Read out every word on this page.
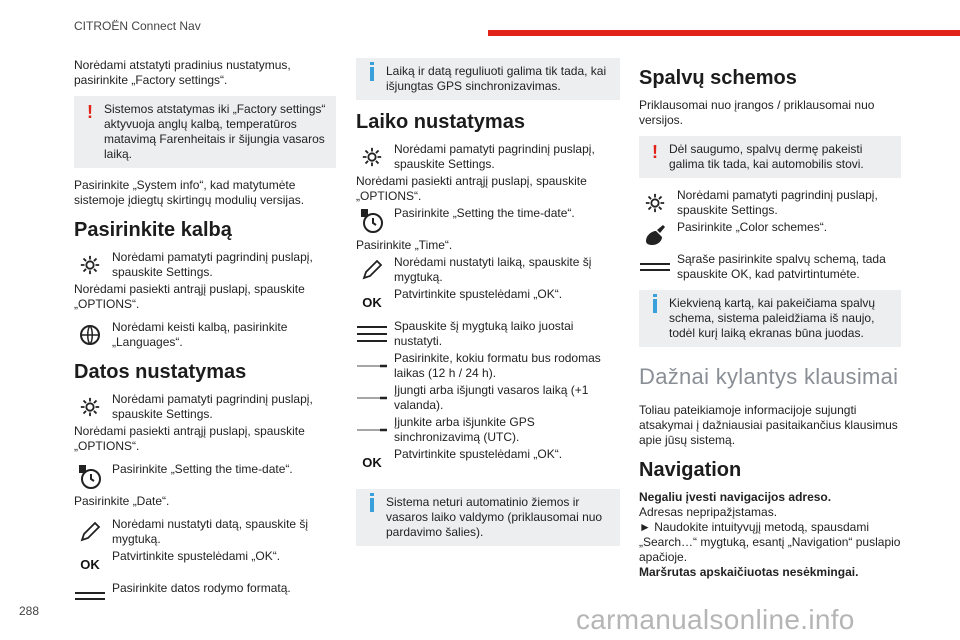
CITROËN Connect Nav

Norėdami atstatyti pradinius nustatymus, pasirinkite „Factory settings“.

! Sistemos atstatymas iki „Factory settings“ aktyvuoja anglų kalbą, temperatūros matavimą Farenheitais ir šijungia vasaros laiką.

Pasirinkite „System info“, kad matytumėte sistemoje įdiegtų skirtingų modulių versijas.

Pasirinkite kalbą
Norėdami pamatyti pagrindinį puslapį, spauskite Settings.

Norėdami pasiekti antrąjį puslapį, spauskite „OPTIONS“.

Norėdami keisti kalbą, pasirinkite „Languages“.
Datos nustatymas
Norėdami pamatyti pagrindinį puslapį, spauskite Settings.

Norėdami pasiekti antrąjį puslapį, spauskite „OPTIONS“.

Pasirinkite „Setting the time-date“.

Pasirinkite „Date“.

Norėdami nustatyti datą, spauskite šį mygtuką.
OK
Patvirtinkite spustelėdami „OK“.
Pasirinkite datos rodymo formatą.
Laiką ir datą reguliuoti galima tik tada, kai išjungtas GPS sinchronizavimas.
Laiko nustatymas
Norėdami pamatyti pagrindinį puslapį, spauskite Settings.

Norėdami pasiekti antrąjį puslapį, spauskite „OPTIONS“.

Pasirinkite „Setting the time-date“.

Pasirinkite „Time“.

Norėdami nustatyti laiką, spauskite šį mygtuką.
OK
Patvirtinkite spustelėdami „OK“.
Spauskite šį mygtuką laiko juostai nustatyti.
Pasirinkite, kokiu formatu bus rodomas laikas (12 h / 24 h).
Įjungti arba išjungti vasaros laiką (+1 valanda).
Įjunkite arba išjunkite GPS sinchronizavimą (UTC).
OK
Patvirtinkite spustelėdami „OK“.
Sistema neturi automatinio žiemos ir vasaros laiko valdymo (priklausomai nuo pardavimo šalies).
Spalvų schemos

Priklausomai nuo įrangos / priklausomai nuo versijos.

! Dėl saugumo, spalvų dermę pakeisti galima tik tada, kai automobilis stovi.
Norėdami pamatyti pagrindinį puslapį, spauskite Settings.
Pasirinkite „Color schemes“.
Sąraše pasirinkite spalvų schemą, tada spauskite OK, kad patvirtintumėte.
Kiekvieną kartą, kai pakeičiama spalvų schema, sistema paleidžiama iš naujo, todėl kurį laiką ekranas būna juodas.
Dažnai kylantys klausimai

Toliau pateikiamoje informacijoje sujungti atsakymai į dažniausiai pasitaikančius klausimus apie jūsų sistemą.

Navigation
Negaliu įvesti navigacijos adreso.
Adresas nepripažįstamas.
► Naudokite intuityvųjį metodą, spausdami „Search…“ mygtuką, esantį „Navigation“ puslapio apačioje.
Maršrutas apskaičiuotas nesėkmingai.
288	carmanualsonline.info
